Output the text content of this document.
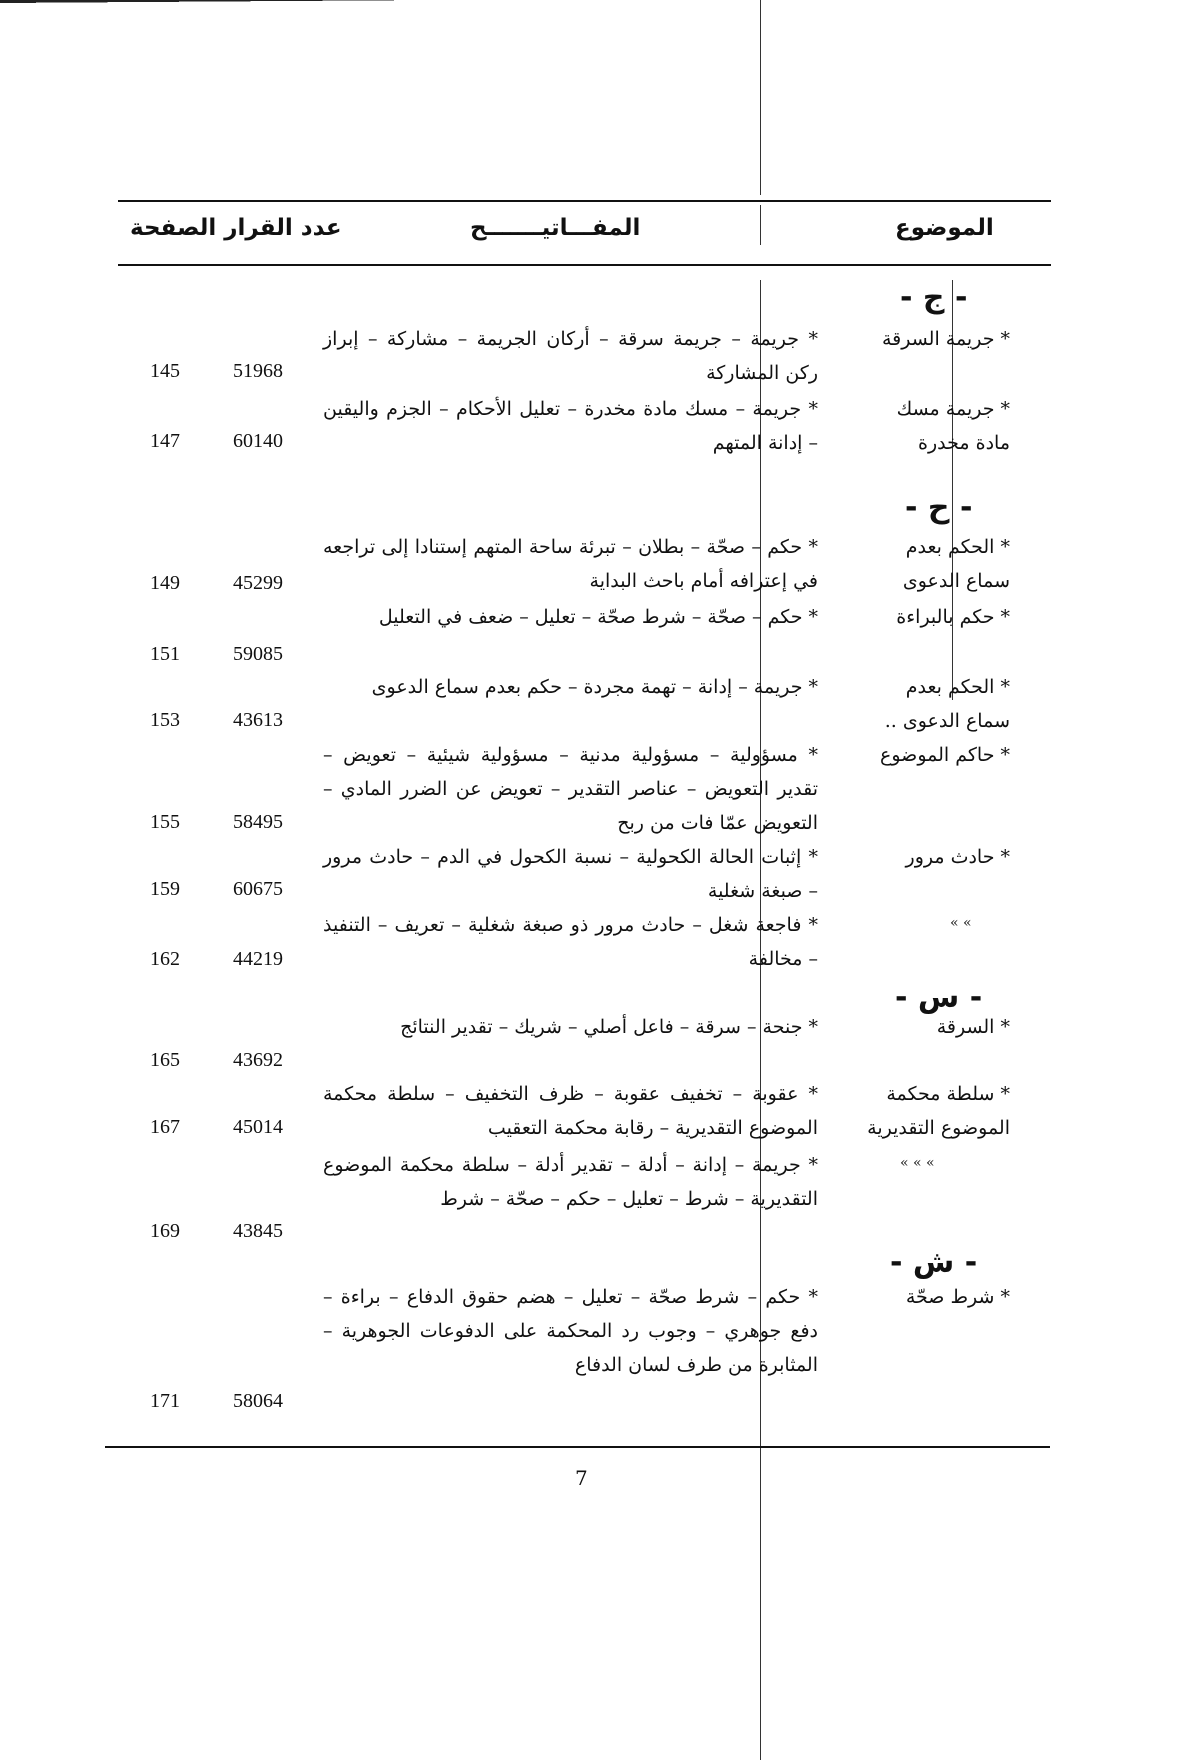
الموضوع
المفـــاتيـــــــح
عدد القرار الصفحة
- ج -
* جريمة السرقة
* جريمة – جريمة سرقة – أركان الجريمة – مشاركة – إبراز ركن المشاركة
51968
145
* جريمة مسك مادة مخدرة
* جريمة – مسك مادة مخدرة – تعليل الأحكام – الجزم واليقين – إدانة المتهم
60140
147
- ح -
* الحكم بعدم سماع الدعوى
* حكم – صحّة – بطلان – تبرئة ساحة المتهم إستنادا إلى تراجعه في إعترافه أمام باحث البداية
45299
149
* حكم بالبراءة
* حكم – صحّة – شرط صحّة – تعليل – ضعف في التعليل
59085
151
* الحكم بعدم سماع الدعوى ..
* جريمة – إدانة – تهمة مجردة – حكم بعدم سماع الدعوى
43613
153
* حاكم الموضوع
* مسؤولية – مسؤولية مدنية – مسؤولية شيئية – تعويض – تقدير التعويض – عناصر التقدير – تعويض عن الضرر المادي – التعويض عمّا فات من ربح
58495
155
* حادث مرور
* إثبات الحالة الكحولية – نسبة الكحول في الدم – حادث مرور – صبغة شغلية
60675
159
» »
* فاجعة شغل – حادث مرور ذو صبغة شغلية – تعريف – التنفيذ – مخالفة
44219
162
- س -
* السرقة
* جنحة – سرقة – فاعل أصلي – شريك – تقدير النتائج
43692
165
* سلطة محكمة الموضوع التقديرية
* عقوبة – تخفيف عقوبة – ظرف التخفيف – سلطة محكمة الموضوع التقديرية – رقابة محكمة التعقيب
45014
167
» » »
* جريمة – إدانة – أدلة – تقدير أدلة – سلطة محكمة الموضوع التقديرية – شرط – تعليل – حكم – صحّة – شرط
43845
169
- ش -
* شرط صحّة
* حكم – شرط صحّة – تعليل – هضم حقوق الدفاع – براءة – دفع جوهري – وجوب رد المحكمة على الدفوعات الجوهرية – المثابرة من طرف لسان الدفاع
58064
171
7
